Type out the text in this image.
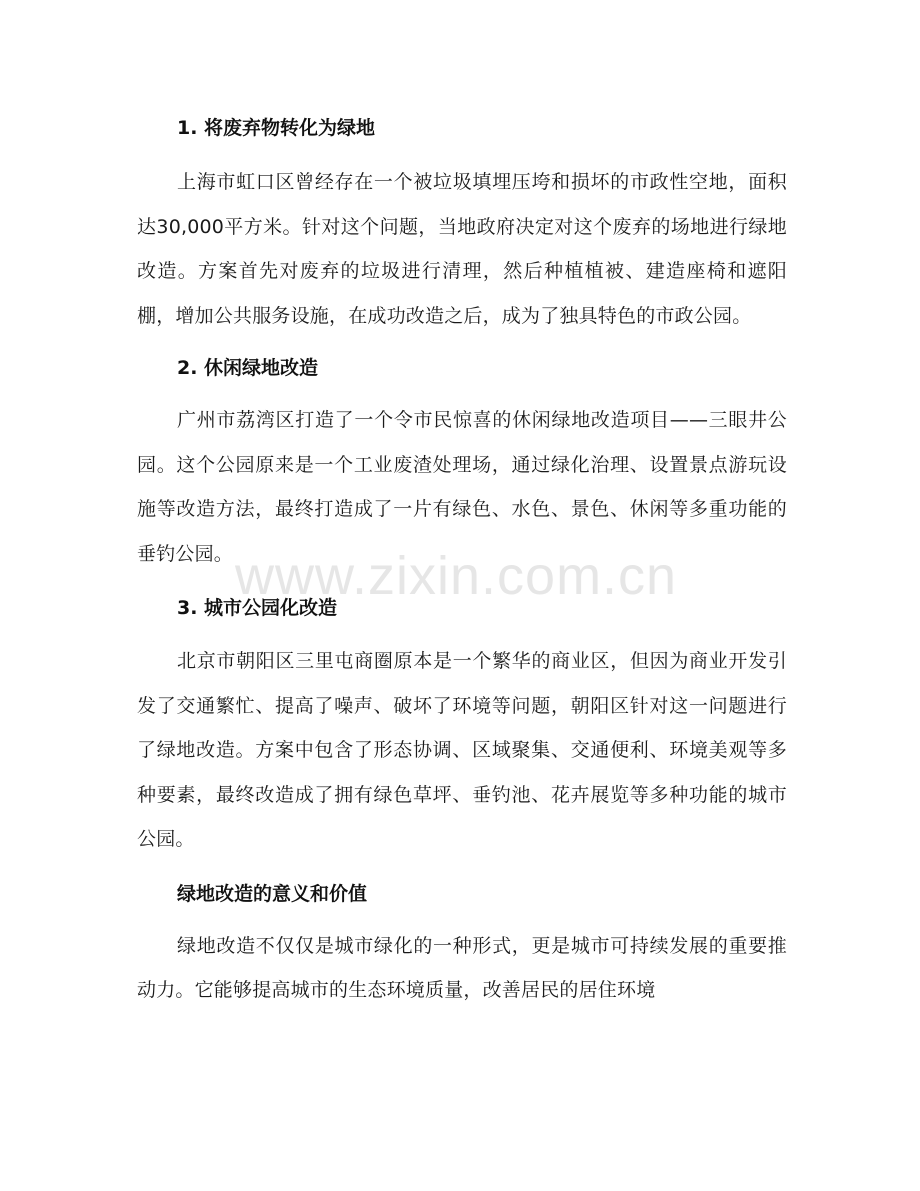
www.zixin.com.cn
1. 将废弃物转化为绿地

上海市虹口区曾经存在一个被垃圾填埋压垮和损坏的市政性空地，面积达30,000平方米。针对这个问题，当地政府决定对这个废弃的场地进行绿地改造。方案首先对废弃的垃圾进行清理，然后种植植被、建造座椅和遮阳棚，增加公共服务设施，在成功改造之后，成为了独具特色的市政公园。

2. 休闲绿地改造

广州市荔湾区打造了一个令市民惊喜的休闲绿地改造项目——三眼井公园。这个公园原来是一个工业废渣处理场，通过绿化治理、设置景点游玩设施等改造方法，最终打造成了一片有绿色、水色、景色、休闲等多重功能的垂钓公园。

3. 城市公园化改造

北京市朝阳区三里屯商圈原本是一个繁华的商业区，但因为商业开发引发了交通繁忙、提高了噪声、破坏了环境等问题，朝阳区针对这一问题进行了绿地改造。方案中包含了形态协调、区域聚集、交通便利、环境美观等多种要素，最终改造成了拥有绿色草坪、垂钓池、花卉展览等多种功能的城市公园。

绿地改造的意义和价值

绿地改造不仅仅是城市绿化的一种形式，更是城市可持续发展的重要推动力。它能够提高城市的生态环境质量，改善居民的居住环境
